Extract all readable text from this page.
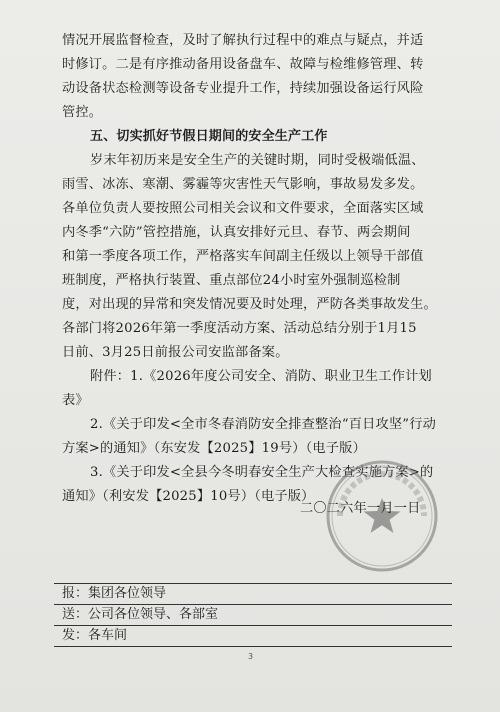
情况开展监督检查，及时了解执行过程中的难点与疑点，并适
时修订。二是有序推动备用设备盘车、故障与检维修管理、转
动设备状态检测等设备专业提升工作，持续加强设备运行风险
管控。
五、切实抓好节假日期间的安全生产工作
岁末年初历来是安全生产的关键时期，同时受极端低温、
雨雪、冰冻、寒潮、雾霾等灾害性天气影响，事故易发多发。
各单位负责人要按照公司相关会议和文件要求，全面落实区域
内冬季“六防”管控措施，认真安排好元旦、春节、两会期间
和第一季度各项工作，严格落实车间副主任级以上领导干部值
班制度，严格执行装置、重点部位24小时室外强制巡检制
度，对出现的异常和突发情况要及时处理，严防各类事故发生。
各部门将2026年第一季度活动方案、活动总结分别于1月15
日前、3月25日前报公司安监部备案。
附件：1.《2026年度公司安全、消防、职业卫生工作计划
表》
2.《关于印发<全市冬春消防安全排查整治“百日攻坚”行动
方案>的通知》（东安发【2025】19号）（电子版）
3.《关于印发<全县今冬明春安全生产大检查实施方案>的
通知》（利安发【2025】10号）（电子版）
二〇二六年一月一日
报：集团各位领导
送：公司各位领导、各部室
发：各车间
3
